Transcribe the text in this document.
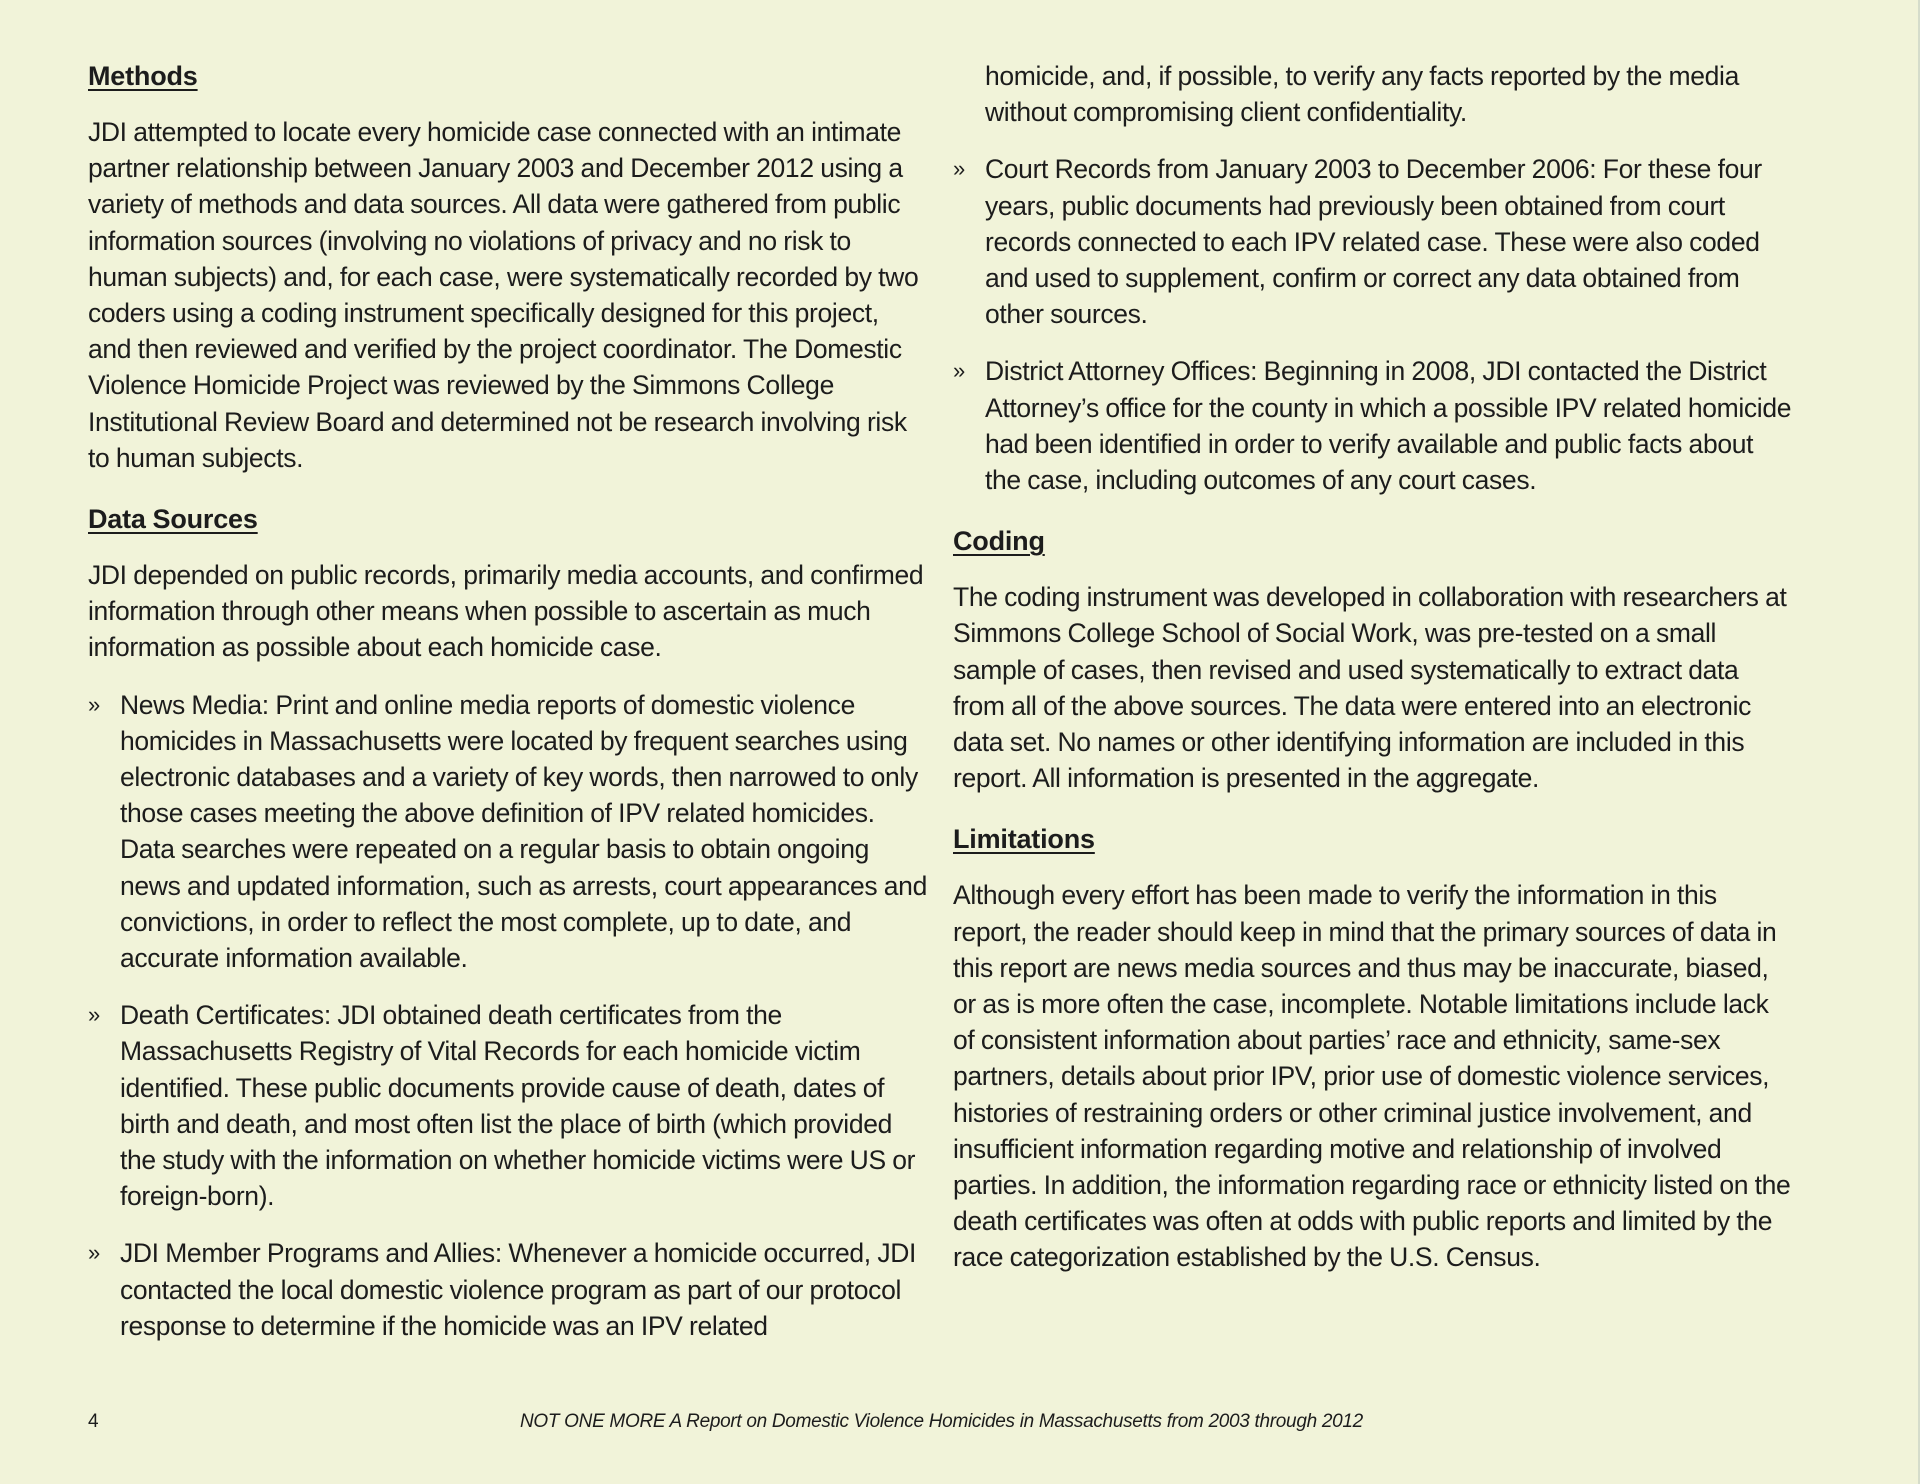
Methods

JDI attempted to locate every homicide case connected with an intimate partner relationship between January 2003 and December 2012 using a variety of methods and data sources. All data were gathered from public information sources (involving no violations of privacy and no risk to human subjects) and, for each case, were systematically recorded by two coders using a coding instrument specifically designed for this project, and then reviewed and verified by the project coordinator. The Domestic Violence Homicide Project was reviewed by the Simmons College Institutional Review Board and determined not be research involving risk to human subjects.

Data Sources

JDI depended on public records, primarily media accounts, and confirmed information through other means when possible to ascertain as much information as possible about each homicide case.

» News Media: Print and online media reports of domestic violence homicides in Massachusetts were located by frequent searches using electronic databases and a variety of key words, then narrowed to only those cases meeting the above definition of IPV related homicides. Data searches were repeated on a regular basis to obtain ongoing news and updated information, such as arrests, court appearances and convictions, in order to reflect the most complete, up to date, and accurate information available.
» Death Certificates: JDI obtained death certificates from the Massachusetts Registry of Vital Records for each homicide victim identified. These public documents provide cause of death, dates of birth and death, and most often list the place of birth (which provided the study with the information on whether homicide victims were US or foreign-born).
» JDI Member Programs and Allies: Whenever a homicide occurred, JDI contacted the local domestic violence program as part of our protocol response to determine if the homicide was an IPV related
homicide, and, if possible, to verify any facts reported by the media without compromising client confidentiality.
» Court Records from January 2003 to December 2006: For these four years, public documents had previously been obtained from court records connected to each IPV related case. These were also coded and used to supplement, confirm or correct any data obtained from other sources.
» District Attorney Offices: Beginning in 2008, JDI contacted the District Attorney’s office for the county in which a possible IPV related homicide had been identified in order to verify available and public facts about the case, including outcomes of any court cases.
Coding

The coding instrument was developed in collaboration with researchers at Simmons College School of Social Work, was pre-tested on a small sample of cases, then revised and used systematically to extract data from all of the above sources. The data were entered into an electronic data set. No names or other identifying information are included in this report. All information is presented in the aggregate.

Limitations

Although every effort has been made to verify the information in this report, the reader should keep in mind that the primary sources of data in this report are news media sources and thus may be inaccurate, biased, or as is more often the case, incomplete. Notable limitations include lack of consistent information about parties’ race and ethnicity, same-sex partners, details about prior IPV, prior use of domestic violence services, histories of restraining orders or other criminal justice involvement, and insufficient information regarding motive and relationship of involved parties. In addition, the information regarding race or ethnicity listed on the death certificates was often at odds with public reports and limited by the race categorization established by the U.S. Census.

4	NOT ONE MORE A Report on Domestic Violence Homicides in Massachusetts from 2003 through 2012
